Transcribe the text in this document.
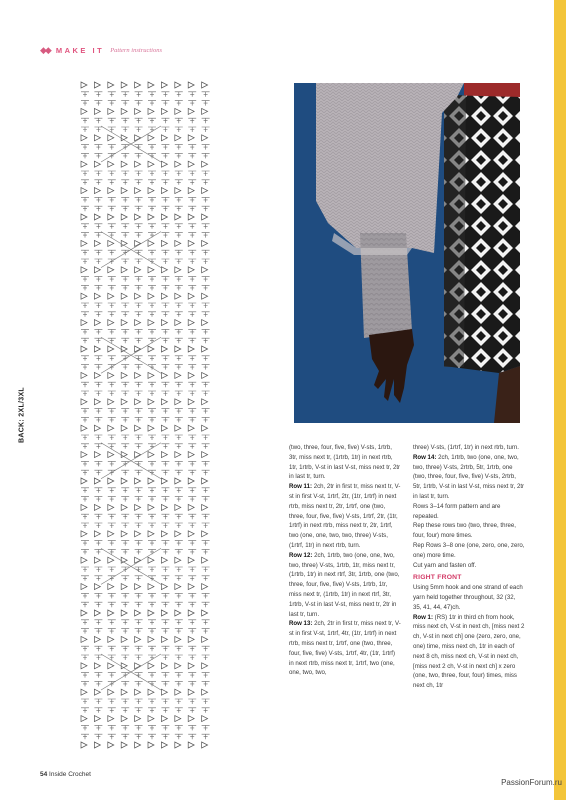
◆◆ MAKE IT Pattern instructions
BACK: 2XL/3XL

(two, three, four, five, five) V-sts, 1rtrb, 3tr, miss next tr, (1rtrb, 1tr) in next rtrb, 1tr, 1rtrb, V-st in last V-st, miss next tr, 2tr in last tr, turn.

Row 11: 2ch, 2tr in first tr, miss next tr, V-st in first V-st, 1rtrf, 2tr, (1tr, 1rtrf) in next rtrb, miss next tr, 2tr, 1rtrf, one (two, three, four, five, five) V-sts, 1rtrf, 2tr, (1tr, 1rtrf) in next rtrb, miss next tr, 2tr, 1rtrf, two (one, one, two, two, three) V-sts, (1rtrf, 1tr) in next rtrb, turn.

Row 12: 2ch, 1rtrb, two (one, one, two, two, three) V-sts, 1rtrb, 1tr, miss next tr, (1rtrb, 1tr) in next rtrf, 3tr, 1rtrb, one (two, three, four, five, five) V-sts, 1rtrb, 1tr, miss next tr, (1rtrb, 1tr) in next rtrf, 3tr, 1rtrb, V-st in last V-st, miss next tr, 2tr in last tr, turn.

Row 13: 2ch, 2tr in first tr, miss next tr, V-st in first V-st, 1rtrf, 4tr, (1tr, 1rtrf) in next rtrb, miss next tr, 1rtrf, one (two, three, four, five, five) V-sts, 1rtrf, 4tr, (1tr, 1rtrf) in next rtrb, miss next tr, 1rtrf, two (one, one, two, two,

three) V-sts, (1rtrf, 1tr) in next rtrb, turn.

Row 14: 2ch, 1rtrb, two (one, one, two, two, three) V-sts, 2rtrb, 5tr, 1rtrb, one (two, three, four, five, five) V-sts, 2rtrb, 5tr, 1rtrb, V-st in last V-st, miss next tr, 2tr in last tr, turn.

Rows 3–14 form pattern and are repeated.

Rep these rows two (two, three, three, four, four) more times.

Rep Rows 3–8 one (one, zero, one, zero, one) more time.

Cut yarn and fasten off.

RIGHT FRONT

Using 5mm hook and one strand of each yarn held together throughout, 32 (32, 35, 41, 44, 47)ch.

Row 1: (RS) 1tr in third ch from hook, miss next ch, V-st in next ch, [miss next 2 ch, V-st in next ch] one (zero, zero, one, one) time, miss next ch, 1tr in each of next 8 ch, miss next ch, V-st in next ch, [miss next 2 ch, V-st in next ch] x zero (one, two, three, four, four) times, miss next ch, 1tr

54 Inside Crochet
PassionForum.ru
